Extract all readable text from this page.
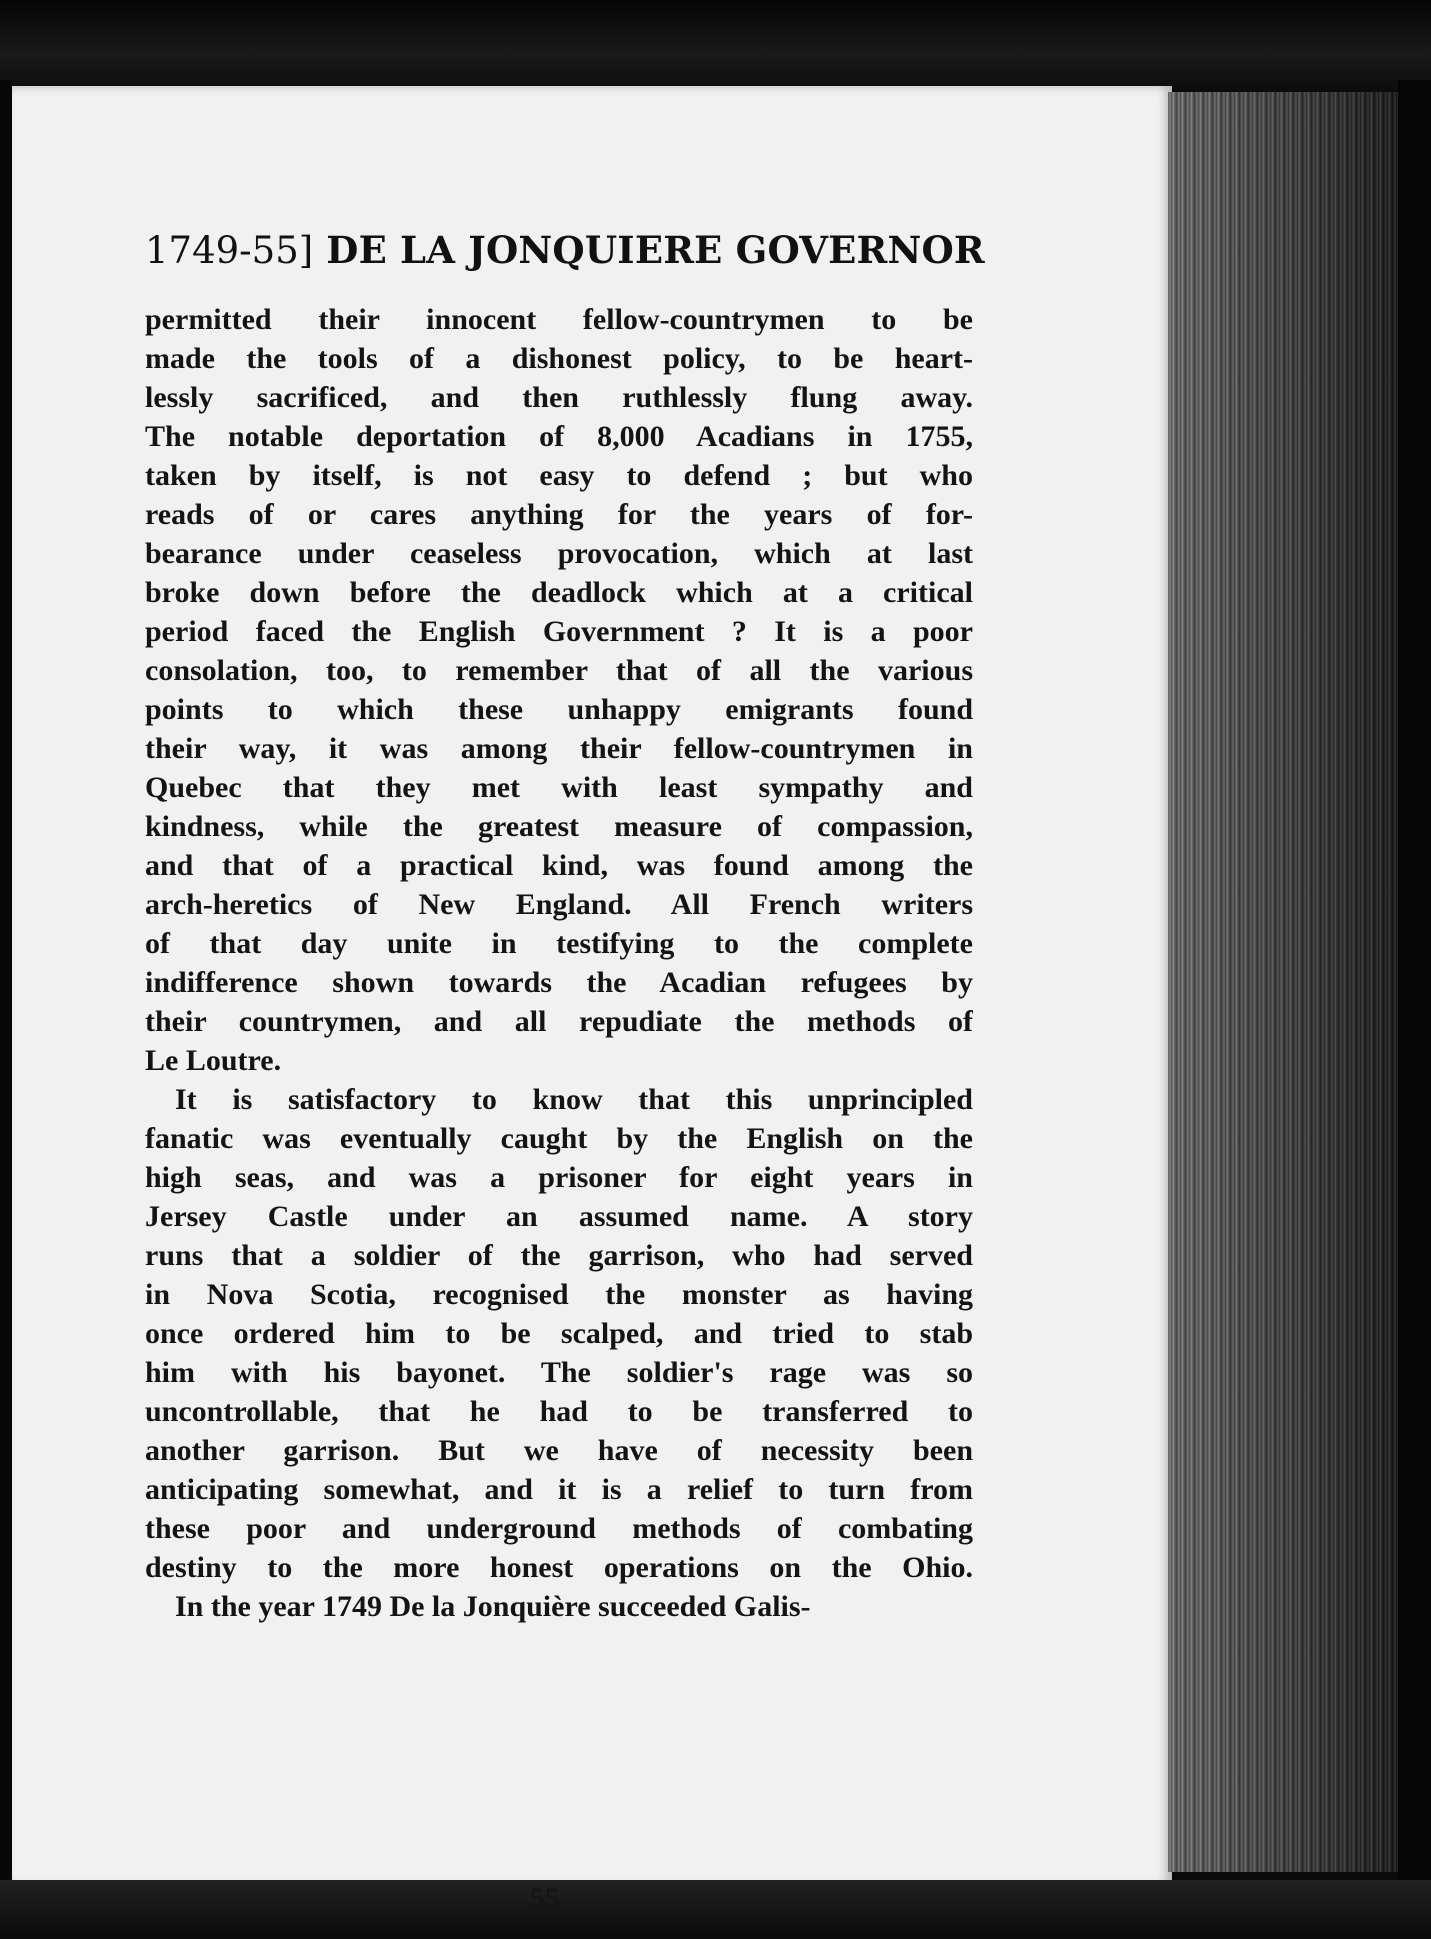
1749-55] DE LA JONQUIERE GOVERNOR
permitted their innocent fellow-countrymen to be
made the tools of a dishonest policy, to be heart-
lessly sacrificed, and then ruthlessly flung away.
The notable deportation of 8,000 Acadians in 1755,
taken by itself, is not easy to defend ; but who
reads of or cares anything for the years of for-
bearance under ceaseless provocation, which at last
broke down before the deadlock which at a critical
period faced the English Government ? It is a poor
consolation, too, to remember that of all the various
points to which these unhappy emigrants found
their way, it was among their fellow-countrymen in
Quebec that they met with least sympathy and
kindness, while the greatest measure of compassion,
and that of a practical kind, was found among the
arch-heretics of New England. All French writers
of that day unite in testifying to the complete
indifference shown towards the Acadian refugees by
their countrymen, and all repudiate the methods of
Le Loutre.
It is satisfactory to know that this unprincipled
fanatic was eventually caught by the English on the
high seas, and was a prisoner for eight years in
Jersey Castle under an assumed name. A story
runs that a soldier of the garrison, who had served
in Nova Scotia, recognised the monster as having
once ordered him to be scalped, and tried to stab
him with his bayonet. The soldier's rage was so
uncontrollable, that he had to be transferred to
another garrison. But we have of necessity been
anticipating somewhat, and it is a relief to turn from
these poor and underground methods of combating
destiny to the more honest operations on the Ohio.
In the year 1749 De la Jonquière succeeded Galis-
55
